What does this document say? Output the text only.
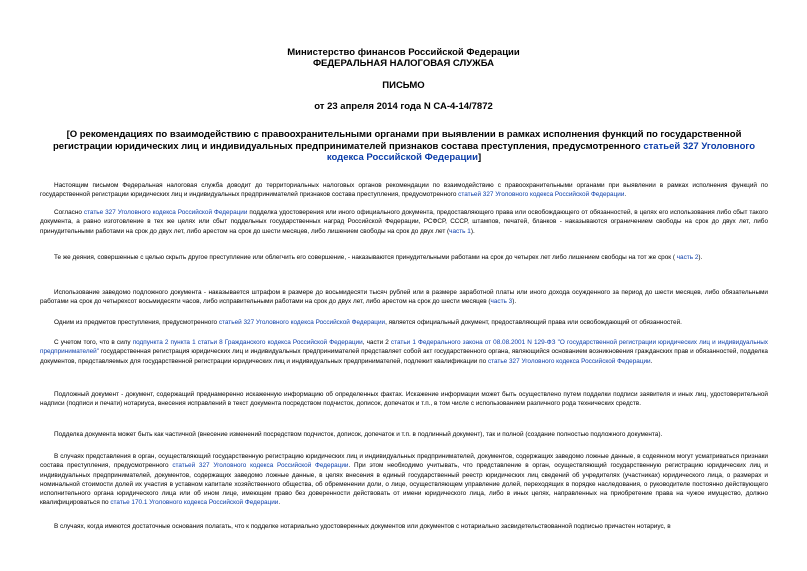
Министерство финансов Российской Федерации
ФЕДЕРАЛЬНАЯ НАЛОГОВАЯ СЛУЖБА
ПИСЬМО
от 23 апреля 2014 года N СА-4-14/7872
[О рекомендациях по взаимодействию с правоохранительными органами при выявлении в рамках исполнения функций по государственной регистрации юридических лиц и индивидуальных предпринимателей признаков состава преступления, предусмотренного статьей 327 Уголовного кодекса Российской Федерации]
Настоящим письмом Федеральная налоговая служба доводит до территориальных налоговых органов рекомендации по взаимодействию с правоохранительными органами при выявлении в рамках исполнения функций по государственной регистрации юридических лиц и индивидуальных предпринимателей признаков состава преступления, предусмотренного статьей 327 Уголовного кодекса Российской Федерации.
Согласно статье 327 Уголовного кодекса Российской Федерации подделка удостоверения или иного официального документа, предоставляющего права или освобождающего от обязанностей, в целях его использования либо сбыт такого документа, а равно изготовление в тех же целях или сбыт поддельных государственных наград Российской Федерации, РСФСР, СССР, штампов, печатей, бланков - наказываются ограничением свободы на срок до двух лет, либо принудительными работами на срок до двух лет, либо арестом на срок до шести месяцев, либо лишением свободы на срок до двух лет (часть 1).
Те же деяния, совершенные с целью скрыть другое преступление или облегчить его совершение, - наказываются принудительными работами на срок до четырех лет либо лишением свободы на тот же срок ( часть 2).
Использование заведомо подложного документа - наказывается штрафом в размере до восьмидесяти тысяч рублей или в размере заработной платы или иного дохода осужденного за период до шести месяцев, либо обязательными работами на срок до четырехсот восьмидесяти часов, либо исправительными работами на срок до двух лет, либо арестом на срок до шести месяцев (часть 3).
Одним из предметов преступления, предусмотренного статьей 327 Уголовного кодекса Российской Федерации, является официальный документ, предоставляющий права или освобождающий от обязанностей.
С учетом того, что в силу подпункта 2 пункта 1 статьи 8 Гражданского кодекса Российской Федерации, части 2 статьи 1 Федерального закона от 08.08.2001 N 129-ФЗ "О государственной регистрации юридических лиц и индивидуальных предпринимателей" государственная регистрация юридических лиц и индивидуальных предпринимателей представляет собой акт государственного органа, являющийся основанием возникновения гражданских прав и обязанностей, подделка документов, представляемых для государственной регистрации юридических лиц и индивидуальных предпринимателей, подлежит квалификации по статье 327 Уголовного кодекса Российской Федерации.
Подложный документ - документ, содержащий преднамеренно искаженную информацию об определенных фактах. Искажение информации может быть осуществлено путем подделки подписи заявителя и иных лиц, удостоверительной надписи (подписи и печати) нотариуса, внесения исправлений в текст документа посредством подчисток, дописок, допечаток и т.п., в том числе с использованием различного рода технических средств.
Подделка документа может быть как частичной (внесение изменений посредством подчисток, дописок, допечаток и т.п. в подлинный документ), так и полной (создание полностью подложного документа).
В случаях представления в орган, осуществляющий государственную регистрацию юридических лиц и индивидуальных предпринимателей, документов, содержащих заведомо ложные данные, в содеянном могут усматриваться признаки состава преступления, предусмотренного статьей 327 Уголовного кодекса Российской Федерации. При этом необходимо учитывать, что представление в орган, осуществляющий государственную регистрацию юридических лиц и индивидуальных предпринимателей, документов, содержащих заведомо ложные данные, в целях внесения в единый государственный реестр юридических лиц сведений об учредителях (участниках) юридического лица, о размерах и номинальной стоимости долей их участия в уставном капитале хозяйственного общества, об обременении доли, о лице, осуществляющем управление долей, переходящих в порядке наследования, о руководителе постоянно действующего исполнительного органа юридического лица или об ином лице, имеющем право без доверенности действовать от имени юридического лица, либо в иных целях, направленных на приобретение права на чужое имущество, должно квалифицироваться по статье 170.1 Уголовного кодекса Российской Федерации.
В случаях, когда имеются достаточные основания полагать, что к подделке нотариально удостоверенных документов или документов с нотариально засвидетельствованной подписью причастен нотариус, в
